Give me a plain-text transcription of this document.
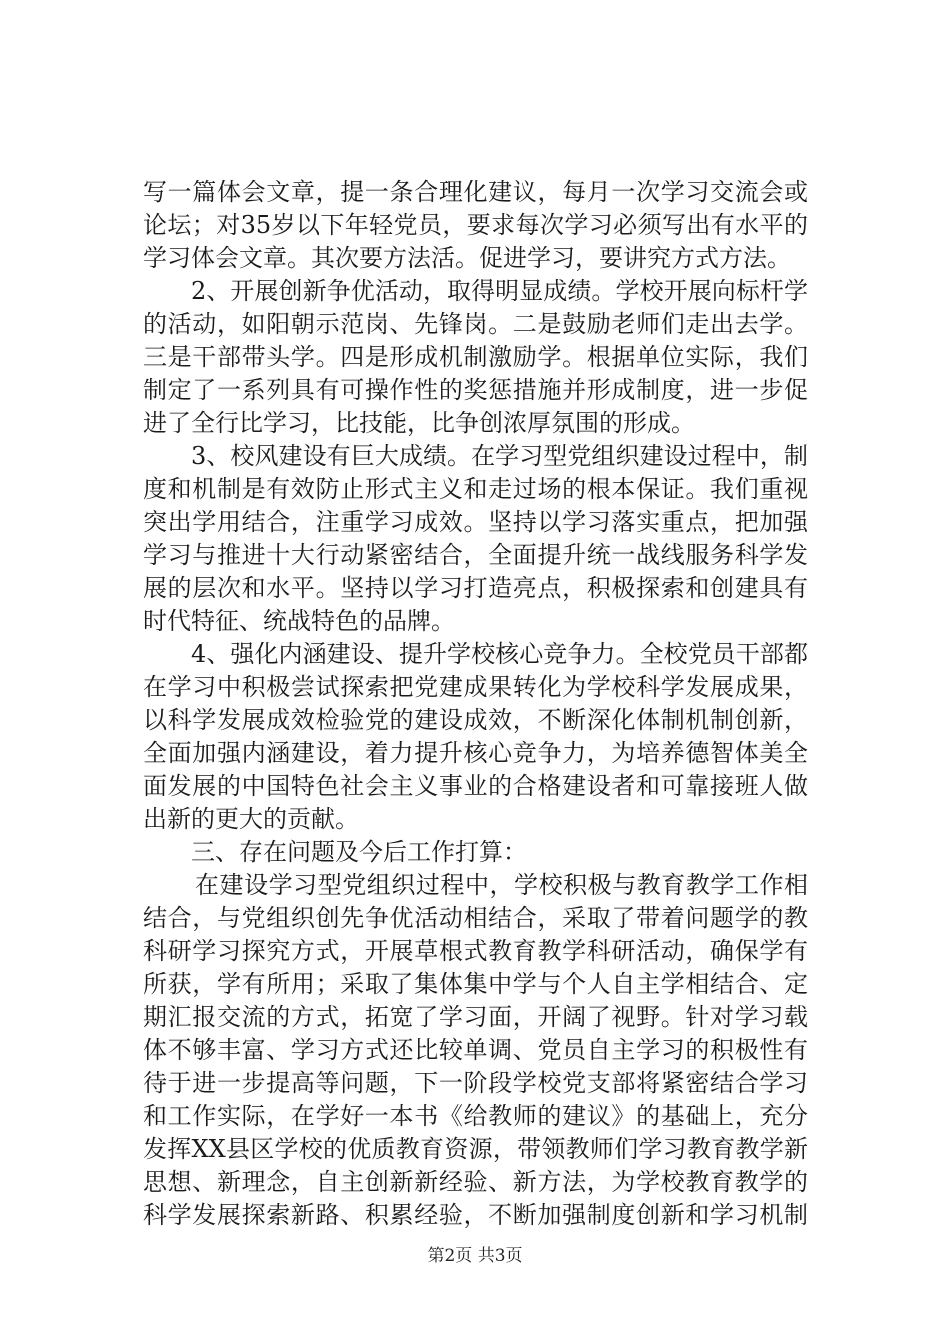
写一篇体会文章，提一条合理化建议，每月一次学习交流会或
论坛；对35岁以下年轻党员，要求每次学习必须写出有水平的
学习体会文章。其次要方法活。促进学习，要讲究方式方法。
2、开展创新争优活动，取得明显成绩。学校开展向标杆学
的活动，如阳朝示范岗、先锋岗。二是鼓励老师们走出去学。
三是干部带头学。四是形成机制激励学。根据单位实际，我们
制定了一系列具有可操作性的奖惩措施并形成制度，进一步促
进了全行比学习，比技能，比争创浓厚氛围的形成。
3、校风建设有巨大成绩。在学习型党组织建设过程中，制
度和机制是有效防止形式主义和走过场的根本保证。我们重视
突出学用结合，注重学习成效。坚持以学习落实重点，把加强
学习与推进十大行动紧密结合，全面提升统一战线服务科学发
展的层次和水平。坚持以学习打造亮点，积极探索和创建具有
时代特征、统战特色的品牌。
4、强化内涵建设、提升学校核心竞争力。全校党员干部都
在学习中积极尝试探索把党建成果转化为学校科学发展成果，
以科学发展成效检验党的建设成效，不断深化体制机制创新，
全面加强内涵建设，着力提升核心竞争力，为培养德智体美全
面发展的中国特色社会主义事业的合格建设者和可靠接班人做
出新的更大的贡献。
三、存在问题及今后工作打算：
在建设学习型党组织过程中，学校积极与教育教学工作相
结合，与党组织创先争优活动相结合，采取了带着问题学的教
科研学习探究方式，开展草根式教育教学科研活动，确保学有
所获，学有所用；采取了集体集中学与个人自主学相结合、定
期汇报交流的方式，拓宽了学习面，开阔了视野。针对学习载
体不够丰富、学习方式还比较单调、党员自主学习的积极性有
待于进一步提高等问题，下一阶段学校党支部将紧密结合学习
和工作实际，在学好一本书《给教师的建议》的基础上，充分
发挥XX县区学校的优质教育资源，带领教师们学习教育教学新
思想、新理念，自主创新新经验、新方法，为学校教育教学的
科学发展探索新路、积累经验，不断加强制度创新和学习机制
第2页 共3页
